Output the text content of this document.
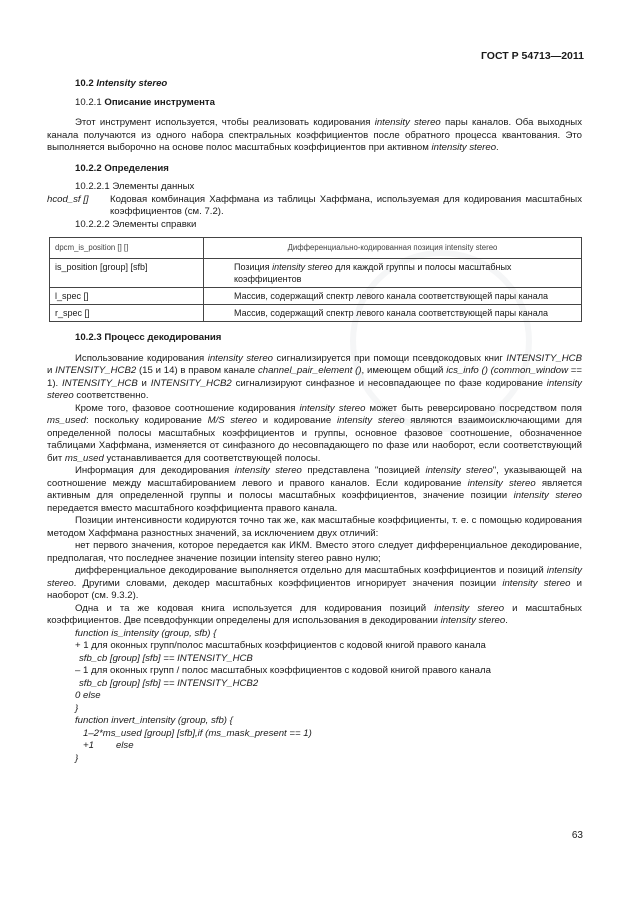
ГОСТ Р 54713—2011

10.2 Intensity stereo

10.2.1 Описание инструмента

Этот инструмент используется, чтобы реализовать кодирования intensity stereo пары каналов. Оба выходных канала получаются из одного набора спектральных коэффициентов после обратного процесса квантования. Это выполняется выборочно на основе полос масштабных коэффициентов при активном intensity stereo.

10.2.2 Определения

10.2.2.1 Элементы данных

hcod_sf []	Кодовая комбинация Хаффмана из таблицы Хаффмана, используемая для кодирования масштабных коэффициентов (см. 7.2).

10.2.2.2 Элементы справки

dpcm_is_position [] []	Дифференциально-кодированная позиция intensity stereo
is_position [group] [sfb]	Позиция intensity stereo для каждой группы и полосы масштабных коэффициентов
l_spec []	Массив, содержащий спектр левого канала соответствующей пары канала
r_spec []	Массив, содержащий спектр левого канала соответствующей пары канала

10.2.3 Процесс декодирования

Использование кодирования intensity stereo сигнализируется при помощи псевдокодовых книг INTENSITY_HCB и INTENSITY_HCB2 (15 и 14) в правом канале channel_pair_element (), имеющем общий ics_info () (common_window == 1). INTENSITY_HCB и INTENSITY_HCB2 сигнализируют синфазное и несовпадающее по фазе кодирование intensity stereo соответственно.

Кроме того, фазовое соотношение кодирования intensity stereo может быть реверсировано посредством поля ms_used: поскольку кодирование M/S stereo и кодирование intensity stereo являются взаимоисключающими для определенной полосы масштабных коэффициентов и группы, основное фазовое соотношение, обозначенное таблицами Хаффмана, изменяется от синфазного до несовпадающего по фазе или наоборот, если соответствующий бит ms_used устанавливается для соответствующей полосы.

Информация для декодирования intensity stereo представлена "позицией intensity stereo", указывающей на соотношение между масштабированием левого и правого каналов. Если кодирование intensity stereo является активным для определенной группы и полосы масштабных коэффициентов, значение позиции intensity stereo передается вместо масштабного коэффициента правого канала.

Позиции интенсивности кодируются точно так же, как масштабные коэффициенты, т. е. с помощью кодирования методом Хаффмана разностных значений, за исключением двух отличий:

нет первого значения, которое передается как ИКМ. Вместо этого следует дифференциальное декодирование, предполагая, что последнее значение позиции intensity stereo равно нулю;

дифференциальное декодирование выполняется отдельно для масштабных коэффициентов и позиций intensity stereo. Другими словами, декодер масштабных коэффициентов игнорирует значения позиции intensity stereo и наоборот (см. 9.3.2).

Одна и та же кодовая книга используется для кодирования позиций intensity stereo и масштабных коэффициентов. Две псевдофункции определены для использования в декодировании intensity stereo.

function is_intensity (group, sfb) {
+ 1 для оконных групп/полос масштабных коэффициентов с кодовой книгой правого канала
sfb_cb [group] [sfb] == INTENSITY_HCB
– 1 для оконных групп / полос масштабных коэффициентов с кодовой книгой правого канала
sfb_cb [group] [sfb] == INTENSITY_HCB2
0 else
}
function invert_intensity (group, sfb) {
1–2*ms_used [group] [sfb],if (ms_mask_present == 1)
+1 else
}
63
